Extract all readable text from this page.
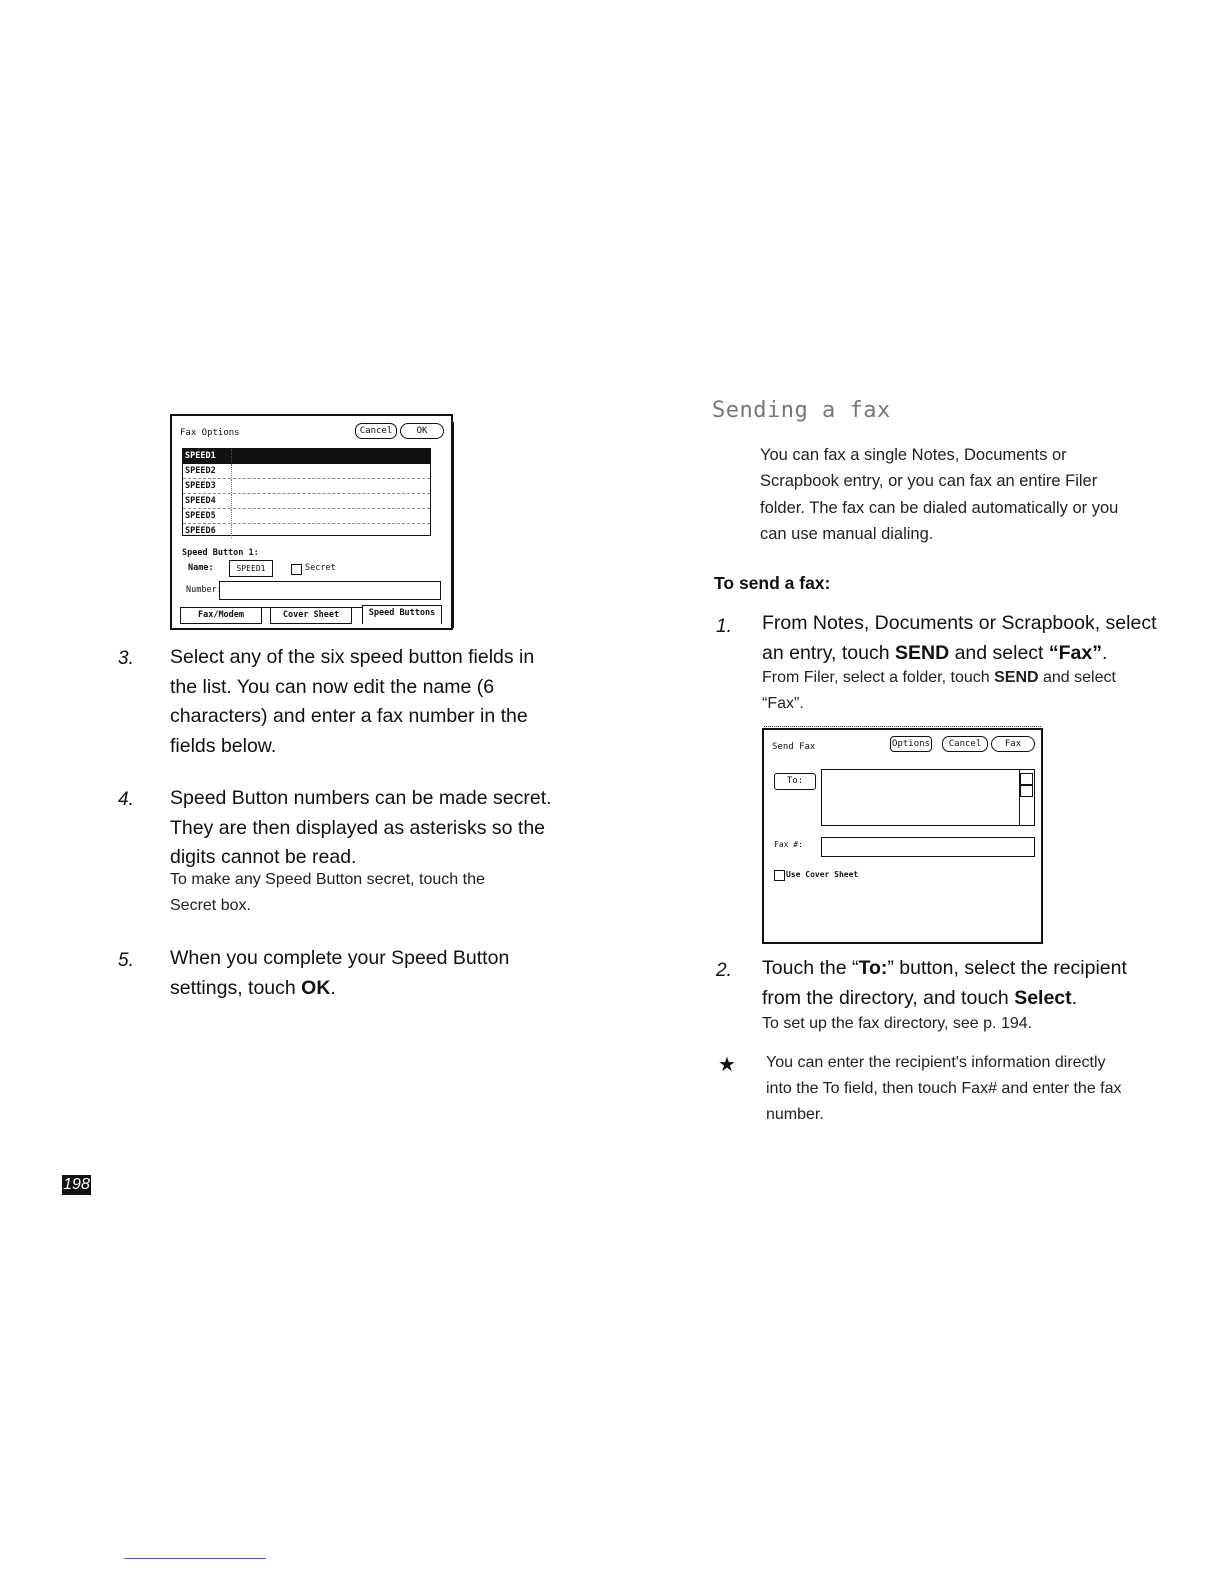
Fax Options	Cancel	OK
SPEED1
SPEED2
SPEED3
SPEED4
SPEED5
SPEED6
Speed Button 1:
Name:	SPEED1	Secret
Number:
Fax/Modem	Cover Sheet	Speed Buttons
3. Select any of the six speed button fields in
the list. You can now edit the name (6
characters) and enter a fax number in the
fields below.
4. Speed Button numbers can be made secret.
They are then displayed as asterisks so the
digits cannot be read.
To make any Speed Button secret, touch the
Secret box.
5. When you complete your Speed Button
settings, touch OK.
198
Sending a fax
You can fax a single Notes, Documents or
Scrapbook entry, or you can fax an entire Filer
folder. The fax can be dialed automatically or you
can use manual dialing.
To send a fax:
1. From Notes, Documents or Scrapbook, select
an entry, touch SEND and select “Fax”.
From Filer, select a folder, touch SEND and select
“Fax”.
Send Fax	Options	Cancel	Fax
To:
Fax #:
Use Cover Sheet
2. Touch the “To:” button, select the recipient
from the directory, and touch Select.
To set up the fax directory, see p. 194.
★ You can enter the recipient's information directly
into the To field, then touch Fax# and enter the fax
number.
